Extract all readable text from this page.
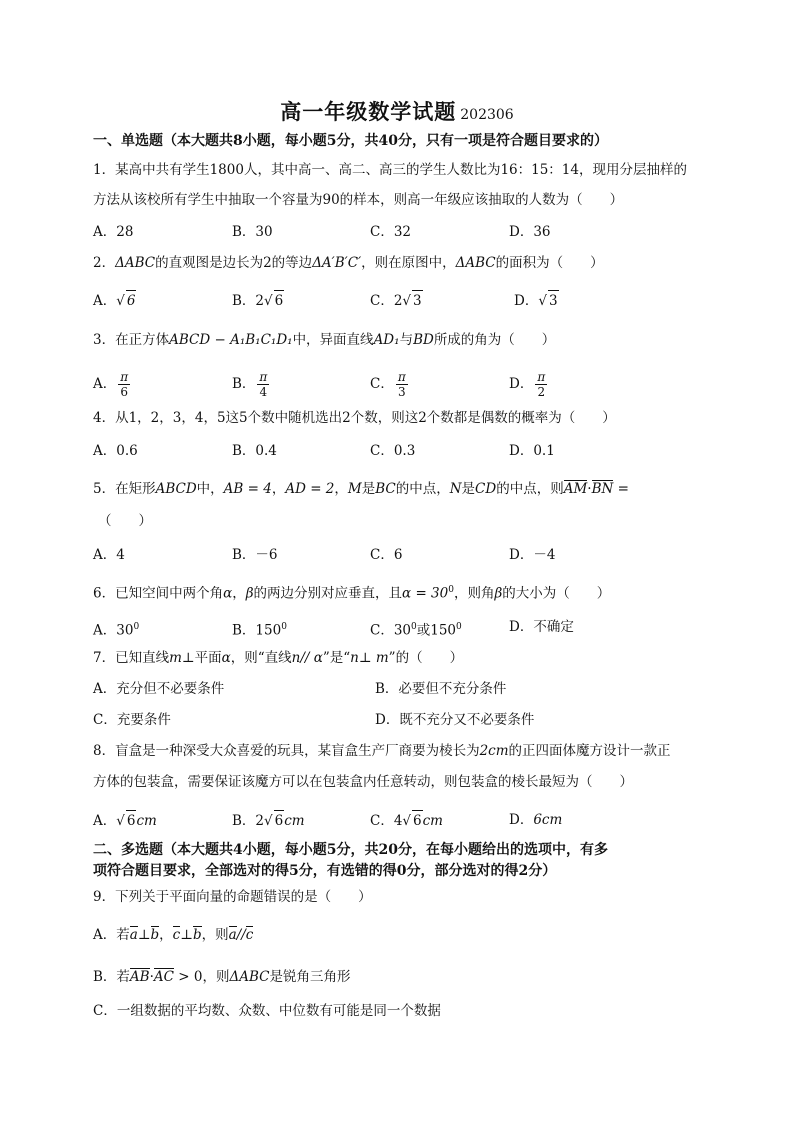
高一年级数学试题 202306
一、单选题（本大题共8小题，每小题5分，共40分，只有一项是符合题目要求的）
1．某高中共有学生1800人，其中高一、高二、高三的学生人数比为16：15：14，现用分层抽样的
方法从该校所有学生中抽取一个容量为90的样本，则高一年级应该抽取的人数为（　　）
A．28	B．30	C．32	D．36
2．ΔABC的直观图是边长为2的等边ΔA′B′C′，则在原图中，ΔABC的面积为（　　）
A．√ 6	B．2√ 6	C．2√ 3	D．√ 3
3．在正方体ABCD − A₁B₁C₁D₁中，异面直线AD₁与BD所成的角为（　　）
A． $\frac{\pi}{6}$	B． $\frac{\pi}{4}$	C． $\frac{\pi}{3}$	D． $\frac{\pi}{2}$
4．从1，2，3，4，5这5个数中随机选出2个数，则这2个数都是偶数的概率为（　　）
A．0.6	B．0.4	C．0.3	D．0.1
5．在矩形ABCD中，AB = 4，AD = 2，M是BC的中点，N是CD的中点，则AM·BN =
（　　）
A．4	B．－6	C．6	D．－4
6．已知空间中两个角α，β的两边分别对应垂直，且$\alpha = 30^0$，则角β的大小为（　　）
A．$30^0$	B．$150^0$	C．$30^0$或$150^0$	D．不确定
7．已知直线m⊥平面α，则“直线n// α”是“n⊥ m”的（　　）
A．充分但不必要条件	B．必要但不充分条件
C．充要条件	D．既不充分又不必要条件
8．盲盒是一种深受大众喜爱的玩具，某盲盒生产厂商要为棱长为2cm的正四面体魔方设计一款正
方体的包装盒，需要保证该魔方可以在包装盒内任意转动，则包装盒的棱长最短为（　　）
A．√ 6cm	B．2√ 6cm	C．4√ 6cm	D．6cm
二、多选题（本大题共4小题，每小题5分，共20分，在每小题给出的选项中，有多
项符合题目要求，全部选对的得5分，有选错的得0分，部分选对的得2分）
9．下列关于平面向量的命题错误的是（　　）
A．若a⊥b，c⊥b，则a//c
B．若AB·AC > 0，则ΔABC是锐角三角形
C．一组数据的平均数、众数、中位数有可能是同一个数据
